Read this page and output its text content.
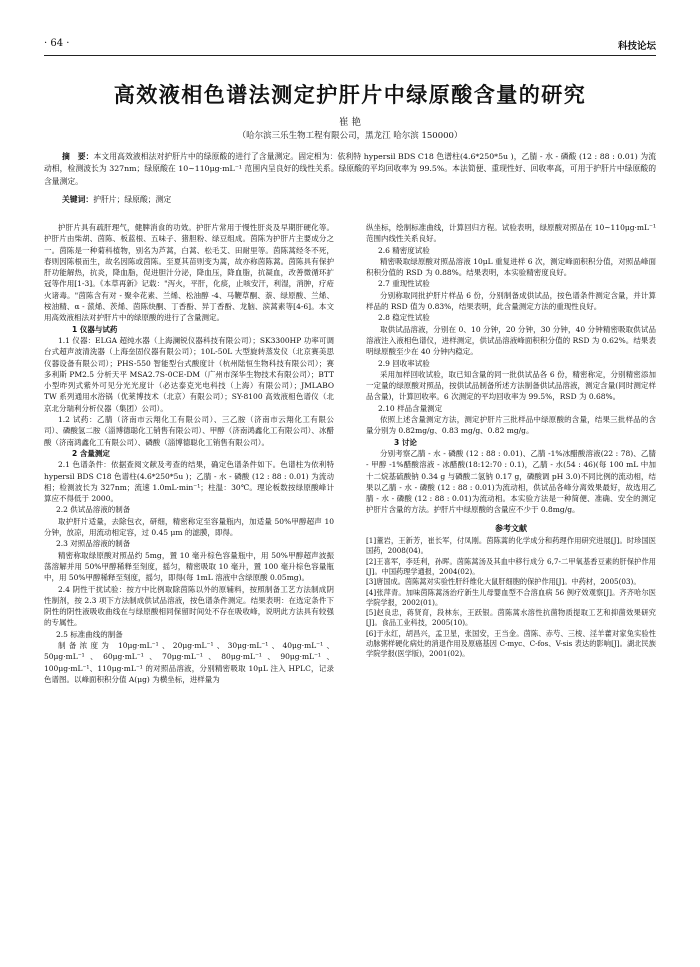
· 64 ·	科技论坛
高效液相色谱法测定护肝片中绿原酸含量的研究
崔 艳
（哈尔滨三乐生物工程有限公司，黑龙江 哈尔滨 150000）
摘　要：本文用高效液相法对护肝片中的绿原酸的进行了含量测定。固定相为：依利特 hypersil BDS C18 色谱柱(4.6*250*5u )，乙腈 - 水 - 磷酸 (12 : 88 : 0.01) 为流动相，检测波长为 327nm；绿原酸在 10~110μg·mL⁻¹ 范围内呈良好的线性关系。绿原酸的平均回收率为 99.5%。本法简便、重现性好、回收率高，可用于护肝片中绿原酸的含量测定。
关键词：护肝片；绿原酸；测定

护肝片具有疏肝理气，健脾消食的功效。护肝片常用于慢性肝炎及早期肝硬化等。护肝片由柴胡、茵陈、板蓝根、五味子、猪胆粉、绿豆组成。茵陈为护肝片主要成分之一。茵陈是一种菊科植物，别名为芦蒿，白蒿、松毛艾、田耐里等。茵陈蒿经冬不死，春则因陈根而生，故名因陈或茵陈。至夏其苗则变为蒿，故亦称茵陈蒿。茵陈具有保护肝功能解热，抗炎，降血脂，促进胆汁分泌，降血压，降血脂，抗凝血，改善微循环扩冠等作用[1-3]。《本草再新》记载："泻火，平肝，化痰，止咳安汗，利湿，消肿，疗疮火诸毒。"茵陈含有对 - 聚伞花素、兰烯、松油醇 -4、马鞭草酮、萘、绿原酸、兰烯、桉油精、α - 蒎烯、茨烯、茵陈炔酮、丁香酚、异丁香酚、龙脑、滨蒿素等[4-6]。本文用高效液相法对护肝片中的绿原酸的进行了含量测定。

1 仪器与试药

1.1 仪器：ELGA 超纯水器（上海澜锐仪器科技有限公司）；SK3300HP 功率可调台式超声波清洗器（上海垒固仪器有限公司）；10L-50L 大型旋转蒸发仪（北京赛美思仪器设备有限公司）；PHS-550 智能型台式酸度计（杭州陆恒生物科技有限公司）；赛多利斯 PM2.5 分析天平 MSA2.7S-0CE-DM（广州市深华生物技术有限公司）；BTT 小型昨列式紫外可见分光光度计（必达泰克光电科技（上海）有限公司）；JMLABO TW 系列通用水浴锅（优莱博技术（北京）有限公司）；SY-8100 高效液相色谱仪（北京北分瑞利分析仪器（集团）公司）。

1.2 试药：乙腈（济南市云翔化工有限公司）、三乙胺（济南市云翔化工有限公司）、磷酸氢二胺（淄博德聪化工销售有限公司）、甲醇（济南鸿鑫化工有限公司）、冰醋酸（济南鸿鑫化工有限公司）、磷酸（淄博德聪化工销售有限公司）。

2 含量测定

2.1 色谱条件：依据查阅文献及考查的结果，确定色谱条件如下。色谱柱为依利特 hypersil BDS C18 色谱柱(4.6*250*5u )；乙腈 - 水 - 磷酸 (12 : 88 : 0.01) 为流动相；检测波长为 327nm；流速 1.0mL·min⁻¹；柱温：30℃。理论板数按绿原酸峰计算应不得低于 2000。

2.2 供试品溶液的制备

取护肝片适量，去除包衣，研细，精密称定至容量瓶内，加适量 50%甲醇超声 10 分钟，放凉，用流动相定容，过 0.45 μm 的滤膜，即得。

2.3 对照品溶液的制备

精密称取绿原酸对照品约 5mg，置 10 毫升棕色容量瓶中，用 50%甲醇超声波振荡溶解并用 50%甲醇稀释至刻度，摇匀，精密吸取 10 毫升，置 100 毫升棕色容量瓶中，用 50%甲醇稀释至刻度，摇匀，即得(每 1mL 溶液中含绿原酸 0.05mg)。

2.4 阴性干扰试验：按方中比例取除茵陈以外的原辅料，按照制备工艺方法制成阴性制剂，按 2.3 项下方法制成供试品溶液，按色谱条件测定。结果表明：在选定条件下阴性的阴性液吸收曲线在与绿原酸相同保留时间处不存在吸收峰，说明此方法具有较强的专属性。

2.5 标准曲线的制备

制备浓度为 10μg·mL⁻¹、20μg·mL⁻¹、30μg·mL⁻¹、40μg·mL⁻¹、50μg·mL⁻¹、60μg·mL⁻¹、70μg·mL⁻¹、80μg·mL⁻¹、90μg·mL⁻¹、100μg·mL⁻¹、110μg·mL⁻¹ 的对照品溶液，分别精密吸取 10μL 注入 HPLC，记录色谱图。以峰面积积分值 A(μg) 为横坐标，进样量为

纵坐标，绘制标准曲线，计算回归方程。试验表明，绿原酸对照品在 10~110μg·mL⁻¹ 范围内线性关系良好。

2.6 精密度试验

精密吸取绿原酸对照品溶液 10μL 重复进样 6 次，测定峰面积积分值，对照品峰面积积分值的 RSD 为 0.88%。结果表明，本实验精密度良好。

2.7 重现性试验

分别称取同批护肝片样品 6 份，分别制备成供试品，按色谱条件测定含量，并计算样品的 RSD 值为 0.83%，结果表明，此含量测定方法的重现性良好。

2.8 稳定性试验

取供试品溶液，分别在 0、10 分钟，20 分钟，30 分钟，40 分钟精密吸取供试品溶液注入液相色谱仪，进样测定，供试品溶液峰面积积分值的 RSD 为 0.62%。结果表明绿原酸至少在 40 分钟内稳定。

2.9 回收率试验

采用加样回收试验，取已知含量的同一批供试品各 6 份，精密称定，分别精密添加一定量的绿原酸对照品，按供试品制备所述方法制备供试品溶液，测定含量(同时测定样品含量)，计算回收率。6 次测定的平均回收率为 99.5%，RSD 为 0.68%。

2.10 样品含量测定

依照上述含量测定方法，测定护肝片三批样品中绿原酸的含量，结果三批样品的含量分别为 0.82mg/g、0.83 mg/g、0.82 mg/g。

3 讨论

分别考察乙腈 - 水 - 磷酸 (12 : 88 : 0.01)、乙腈 -1%冰醋酸溶液(22 : 78)、乙腈 - 甲醇 -1%醋酸溶液 - 冰醋酸(18:12:70 : 0.1)，乙腈 - 水(54 : 46)(每 100 mL 中加十二烷基硫酸钠 0.34 g 与磷酸二氢钠 0.17 g，磷酸调 pH 3.0)不同比例的流动相，结果以乙腈 - 水 - 磷酸 (12 : 88 : 0.01)为流动相，供试品各峰分离效果最好，故选用乙腈 - 水 - 磷酸 (12 : 88 : 0.01)为流动相。本实验方法是一种简便、准确、安全的测定护肝片含量的方法。护肝片中绿原酸的含量应不少于 0.8mg/g。

参考文献
[1]董岩，王新芳，崔长军，付凤刚。茵陈蒿的化学成分和药理作用研究进展[J]。时珍国医国药，2008(04)。
[2]王喜军，李廷利，孙晖。茵陈蒿汤及其血中移行成分 6,7-二甲氧基香豆素的肝保护作用[J]。中国药理学通报，2004(02)。
[3]唐国成。茵陈蒿对实验性肝纤维化大鼠肝细胞的保护作用[J]。中药材，2005(03)。
[4]张萍青。加味茵陈蒿汤治疗新生儿母婴血型不合溶血病 56 例疗效观察[J]。齐齐哈尔医学院学报，2002(01)。
[5]赵良忠，蒋贤育，段林东，王跃银。茵陈蒿水溶性抗菌物质提取工艺和抑菌效果研究[J]。食品工业科技，2005(10)。
[6]于永红，胡昌兴，孟卫星，张国安，王当金。茵陈、赤芍、三棱、淫羊藿对家兔实验性动脉粥样硬化病灶的消退作用及原癌基因 C-myc、C-fos、V-sis 表达的影响[J]。湖北民族学院学报(医学版)，2001(02)。
